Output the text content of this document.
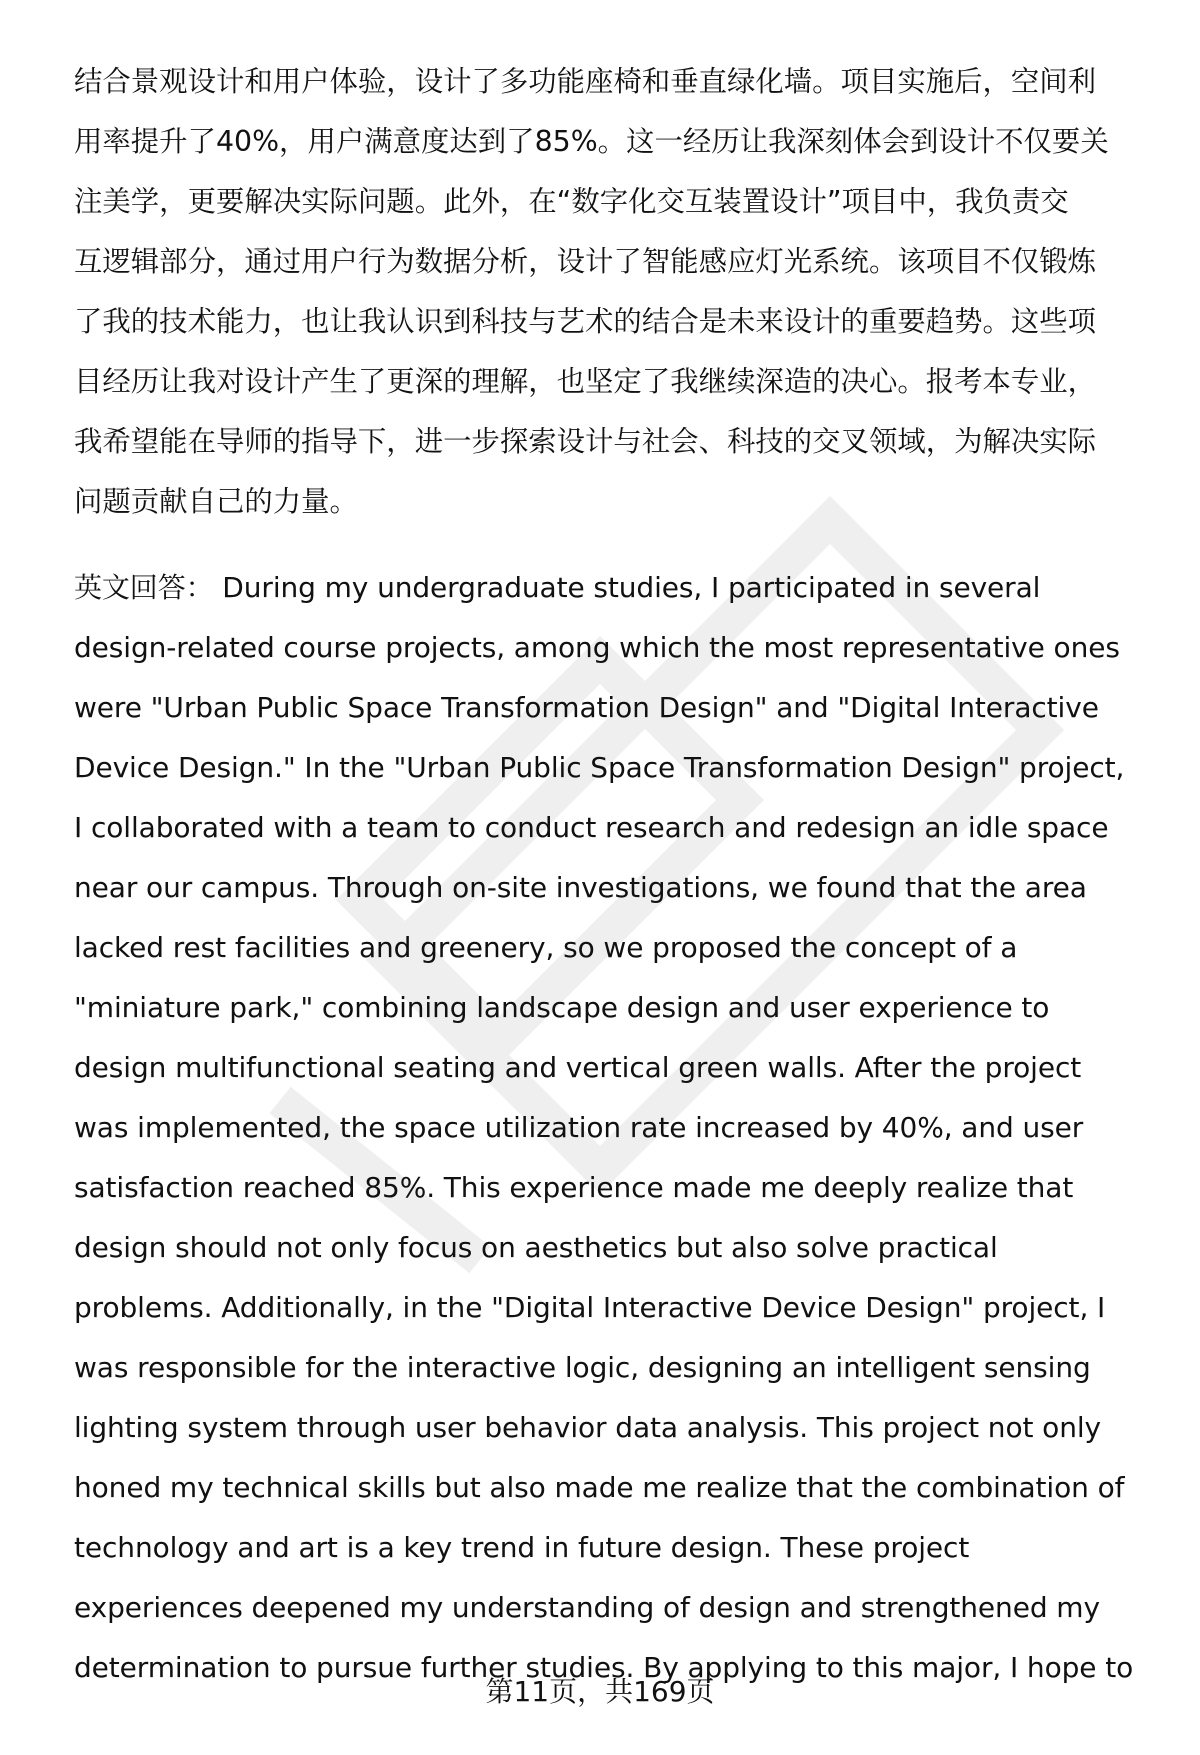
结合景观设计和用户体验，设计了多功能座椅和垂直绿化墙。项目实施后，空间利
用率提升了40%，用户满意度达到了85%。这一经历让我深刻体会到设计不仅要关
注美学，更要解决实际问题。此外，在“数字化交互装置设计”项目中，我负责交
互逻辑部分，通过用户行为数据分析，设计了智能感应灯光系统。该项目不仅锻炼
了我的技术能力，也让我认识到科技与艺术的结合是未来设计的重要趋势。这些项
目经历让我对设计产生了更深的理解，也坚定了我继续深造的决心。报考本专业，
我希望能在导师的指导下，进一步探索设计与社会、科技的交叉领域，为解决实际
问题贡献自己的力量。
英文回答： During my undergraduate studies, I participated in several
design-related course projects, among which the most representative ones
were "Urban Public Space Transformation Design" and "Digital Interactive
Device Design." In the "Urban Public Space Transformation Design" project,
I collaborated with a team to conduct research and redesign an idle space
near our campus. Through on-site investigations, we found that the area
lacked rest facilities and greenery, so we proposed the concept of a
"miniature park," combining landscape design and user experience to
design multifunctional seating and vertical green walls. After the project
was implemented, the space utilization rate increased by 40%, and user
satisfaction reached 85%. This experience made me deeply realize that
design should not only focus on aesthetics but also solve practical
problems. Additionally, in the "Digital Interactive Device Design" project, I
was responsible for the interactive logic, designing an intelligent sensing
lighting system through user behavior data analysis. This project not only
honed my technical skills but also made me realize that the combination of
technology and art is a key trend in future design. These project
experiences deepened my understanding of design and strengthened my
determination to pursue further studies. By applying to this major, I hope to
第11页，共169页
